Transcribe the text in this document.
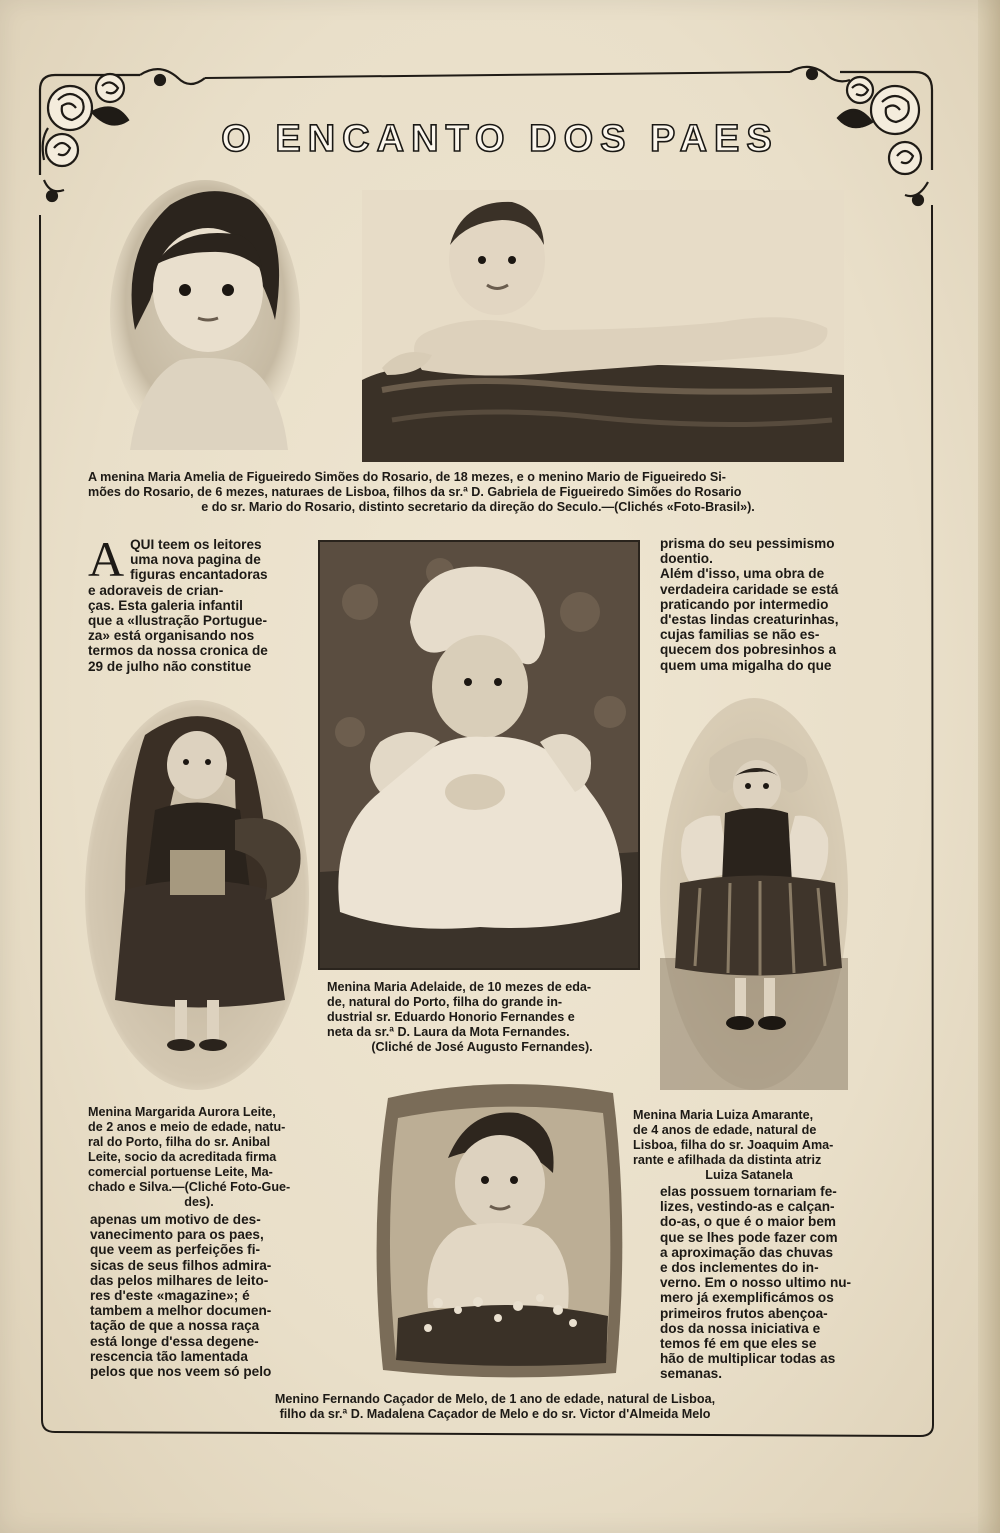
O ENCANTO DOS PAES
A menina Maria Amelia de Figueiredo Simões do Rosario, de 18 mezes, e o menino Mario de Figueiredo Si-
mões do Rosario, de 6 mezes, naturaes de Lisboa, filhos da sr.ª D. Gabriela de Figueiredo Simões do Rosario
e do sr. Mario do Rosario, distinto secretario da direção do Seculo.—(Clichés «Foto-Brasil»).
A QUI teem os leitores
uma nova pagina de
figuras encantadoras
e adoraveis de crian-
ças. Esta galeria infantil
que a «Ilustração Portugue-
za» está organisando nos
termos da nossa cronica de
29 de julho não constitue
prisma do seu pessimismo
doentio.
Além d'isso, uma obra de
verdadeira caridade se está
praticando por intermedio
d'estas lindas creaturinhas,
cujas familias se não es-
quecem dos pobresinhos a
quem uma migalha do que
Menina Maria Adelaide, de 10 mezes de eda-
de, natural do Porto, filha do grande in-
dustrial sr. Eduardo Honorio Fernandes e
neta da sr.ª D. Laura da Mota Fernandes.
(Cliché de José Augusto Fernandes).
Menina Margarida Aurora Leite,
de 2 anos e meio de edade, natu-
ral do Porto, filha do sr. Anibal
Leite, socio da acreditada firma
comercial portuense Leite, Ma-
chado e Silva.—(Cliché Foto-Gue-
des).
Menina Maria Luiza Amarante,
de 4 anos de edade, natural de
Lisboa, filha do sr. Joaquim Ama-
rante e afilhada da distinta atriz
Luiza Satanela
apenas um motivo de des-
vanecimento para os paes,
que veem as perfeições fi-
sicas de seus filhos admira-
das pelos milhares de leito-
res d'este «magazine»; é
tambem a melhor documen-
tação de que a nossa raça
está longe d'essa degene-
rescencia tão lamentada
pelos que nos veem só pelo
elas possuem tornariam fe-
lizes, vestindo-as e calçan-
do-as, o que é o maior bem
que se lhes pode fazer com
a aproximação das chuvas
e dos inclementes do in-
verno. Em o nosso ultimo nu-
mero já exemplificámos os
primeiros frutos abençoa-
dos da nossa iniciativa e
temos fé em que eles se
hão de multiplicar todas as
semanas.
Menino Fernando Caçador de Melo, de 1 ano de edade, natural de Lisboa,
filho da sr.ª D. Madalena Caçador de Melo e do sr. Victor d'Almeida Melo
